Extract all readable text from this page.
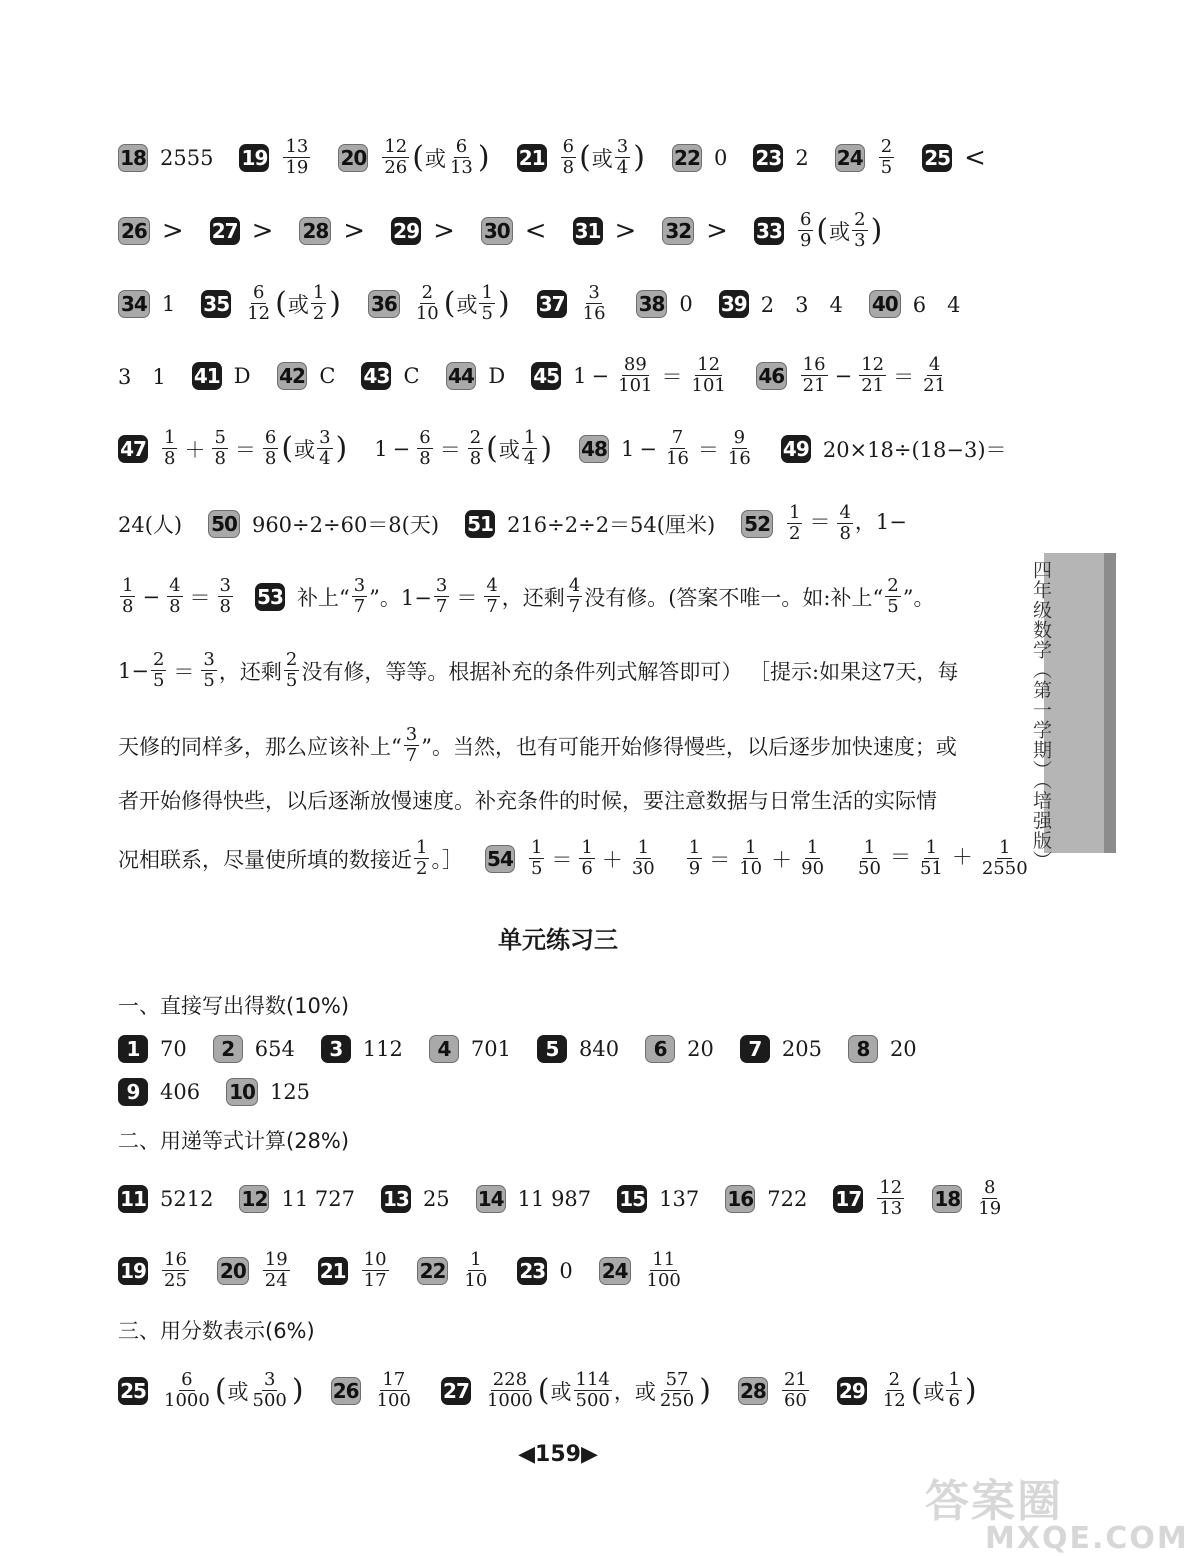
18 2555 $19 \frac{13}{19} 20 \frac{12}{26}$ ( 或 $\frac{6}{13}$ ) $21 \frac{6}{8}$ ( 或 $\frac{3}{4}$ ) 22 0 23 2 $24 \frac{2}{5} 25$ <
$26 > 27 > 28 > 29 > 30 < 31 > 32 > 33 \frac{6}{9}$ ( 或 $\frac{2}{3}$ )
34 1 $35 \frac{6}{12}$ ( 或 $\frac{1}{2}$ ) $36 \frac{2}{10}$ ( 或 $\frac{1}{5}$ ) $37 \frac{3}{16} 38$ 0 39 2　3　4 40 6　4
3　1 41 D 42 C 43 C 44 D 45 $1 - \frac{89}{101} = \frac{12}{101} 46 \frac{16}{21} - \frac{12}{21} = \frac{4}{21}$
$47 \frac{1}{8} + \frac{5}{8} = \frac{6}{8}$ ( 或 $\frac{3}{4}$ ) $1 - \frac{6}{8} = \frac{2}{8}$ ( 或 $\frac{1}{4}$ ) 48 $1 - \frac{7}{16} = \frac{9}{16} 49$ 20×18÷(18−3)＝
24(人) 50 960÷2÷60＝8(天) 51 216÷2÷2＝54(厘米) $52 \frac{1}{2} = \frac{4}{8}$ ，1−
$\frac{1}{8} - \frac{4}{8} = \frac{3}{8} 53$ 补上“ $\frac{3}{7}$ ”。$1- \frac{3}{7} = \frac{4}{7}$ ，还剩 $\frac{4}{7}$ 没有修。(答案不唯一。如:补上“ $\frac{2}{5}$ ”。
$1- \frac{2}{5} = \frac{3}{5}$ ，还剩 $\frac{2}{5}$ 没有修，等等。根据补充的条件列式解答即可） ［提示:如果这7天，每
天修的同样多，那么应该补上“ $\frac{3}{7}$ ”。当然，也有可能开始修得慢些，以后逐步加快速度；或
者开始修得快些，以后逐渐放慢速度。补充条件的时候，要注意数据与日常生活的实际情
况相联系，尽量使所填的数接近 $\frac{1}{2}$ 。］ $54 \frac{1}{5} = \frac{1}{6} + \frac{1}{30} \frac{1}{9} = \frac{1}{10} + \frac{1}{90} \frac{1}{50} = \frac{1}{51} + \frac{1}{2550}$ 四年级数学（第一学期）（培强版）
单元练习三
一、直接写出得数(10%)
1 70	2 654	3 112	4 701	5 840	6 20	7 205	8 20
9 406 10 125
二、用递等式计算(28%)
11 5212 12 11 727 13 25 14 11 987 15 137 16 722 $17 \frac{12}{13} 18 \frac{8}{19}$
$19 \frac{16}{25} 20 \frac{19}{24} 21 \frac{10}{17} 22 \frac{1}{10} 23$ 0 $24 \frac{11}{100}$
三、用分数表示(6%)
$25 \frac{6}{1000}$ ( 或 $\frac{3}{500}$ ) $26 \frac{17}{100} 27 \frac{228}{1000}$ ( 或 $\frac{114}{500}$ ， 或 $\frac{57}{250}$ ) $28 \frac{21}{60} 29 \frac{2}{12}$ ( 或 $\frac{1}{6}$ )
◀159▶
答案圈
MXQE.COM
